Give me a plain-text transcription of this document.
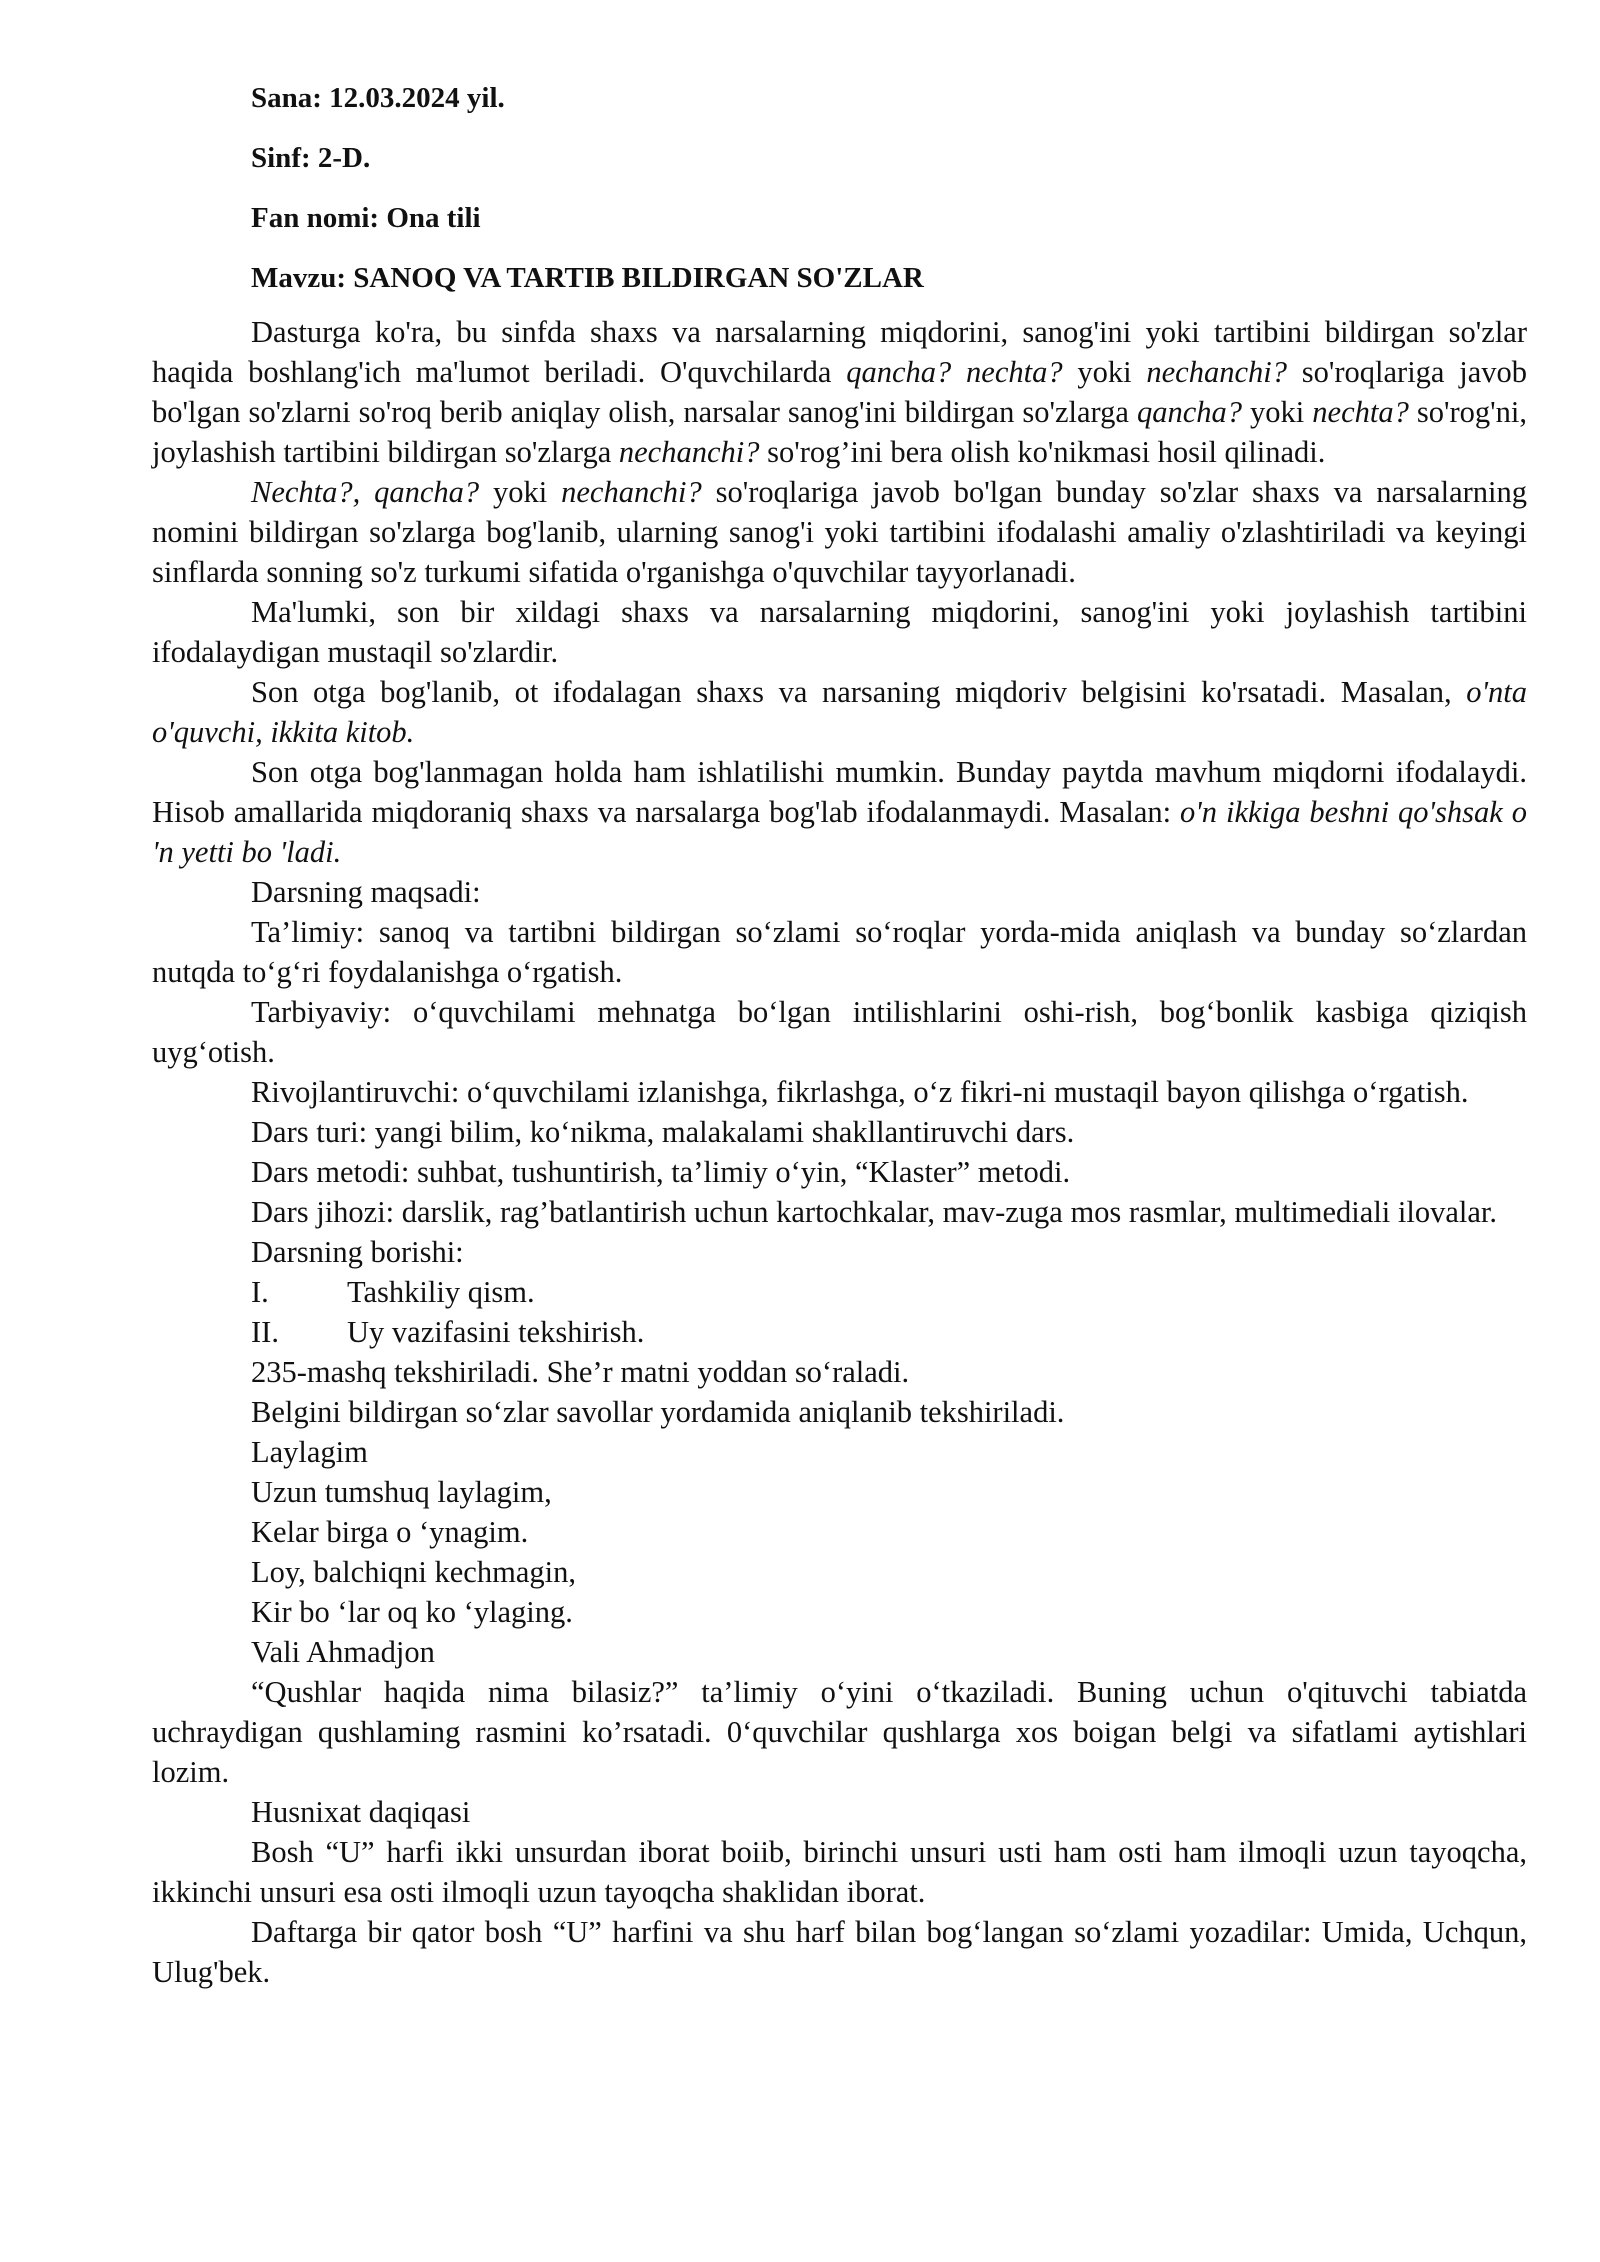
Sana: 12.03.2024 yil.
Sinf: 2-D.
Fan nomi: Ona tili
Mavzu: SANOQ VA TARTIB BILDIRGAN SO'ZLAR

Dasturga ko'ra, bu sinfda shaxs va narsalarning miqdorini, sanog'ini yoki tartibini bildirgan so'zlar haqida boshlang'ich ma'lumot beriladi. O'quvchilarda qancha? nechta? yoki nechanchi? so'roqlariga javob bo'lgan so'zlarni so'roq berib aniqlay olish, narsalar sanog'ini bildirgan so'zlarga qancha? yoki nechta? so'rog'ni, joylashish tartibini bildirgan so'zlarga nechanchi? so'rog’ini bera olish ko'nikmasi hosil qilinadi.

Nechta?, qancha? yoki nechanchi? so'roqlariga javob bo'lgan bunday so'zlar shaxs va narsalarning nomini bildirgan so'zlarga bog'lanib, ularning sanog'i yoki tartibini ifodalashi amaliy o'zlashtiriladi va keyingi sinflarda sonning so'z turkumi sifatida o'rganishga o'quvchilar tayyorlanadi.

Ma'lumki, son bir xildagi shaxs va narsalarning miqdorini, sanog'ini yoki joylashish tartibini ifodalaydigan mustaqil so'zlardir.

Son otga bog'lanib, ot ifodalagan shaxs va narsaning miqdoriv belgisini ko'rsatadi. Masalan, o'nta o'quvchi, ikkita kitob.

Son otga bog'lanmagan holda ham ishlatilishi mumkin. Bunday paytda mavhum miqdorni ifodalaydi. Hisob amallarida miqdoraniq shaxs va narsalarga bog'lab ifodalanmaydi. Masalan: o'n ikkiga beshni qo'shsak o 'n yetti bo 'ladi.

Darsning maqsadi:

Ta’limiy: sanoq va tartibni bildirgan so‘zlami so‘roqlar yorda-mida aniqlash va bunday so‘zlardan nutqda to‘g‘ri foydalanishga o‘rgatish.

Tarbiyaviy: o‘quvchilami mehnatga bo‘lgan intilishlarini oshi-rish, bog‘bonlik kasbiga qiziqish uyg‘otish.

Rivojlantiruvchi: o‘quvchilami izlanishga, fikrlashga, o‘z fikri-ni mustaqil bayon qilishga o‘rgatish.

Dars turi: yangi bilim, ko‘nikma, malakalami shakllantiruvchi dars.

Dars metodi: suhbat, tushuntirish, ta’limiy o‘yin, “Klaster” metodi.

Dars jihozi: darslik, rag’batlantirish uchun kartochkalar, mav-zuga mos rasmlar, multimediali ilovalar.

Darsning borishi:
I.	Tashkiliy qism.
II. Uy vazifasini tekshirish.
235-mashq tekshiriladi. She’r matni yoddan so‘raladi.
Belgini bildirgan so‘zlar savollar yordamida aniqlanib tekshiriladi.
Laylagim
Uzun tumshuq laylagim,
Kelar birga o ‘ynagim.
Loy, balchiqni kechmagin,
Kir bo ‘lar oq ko ‘ylaging.
Vali Ahmadjon

“Qushlar haqida nima bilasiz?” ta’limiy o‘yini o‘tkaziladi. Buning uchun o'qituvchi tabiatda uchraydigan qushlaming rasmini ko’rsatadi. 0‘quvchilar qushlarga xos boigan belgi va sifatlami aytishlari lozim.

Husnixat daqiqasi

Bosh “U” harfi ikki unsurdan iborat boiib, birinchi unsuri usti ham osti ham ilmoqli uzun tayoqcha, ikkinchi unsuri esa osti ilmoqli uzun tayoqcha shaklidan iborat.

Daftarga bir qator bosh “U” harfini va shu harf bilan bog‘langan so‘zlami yozadilar: Umida, Uchqun, Ulug'bek.
